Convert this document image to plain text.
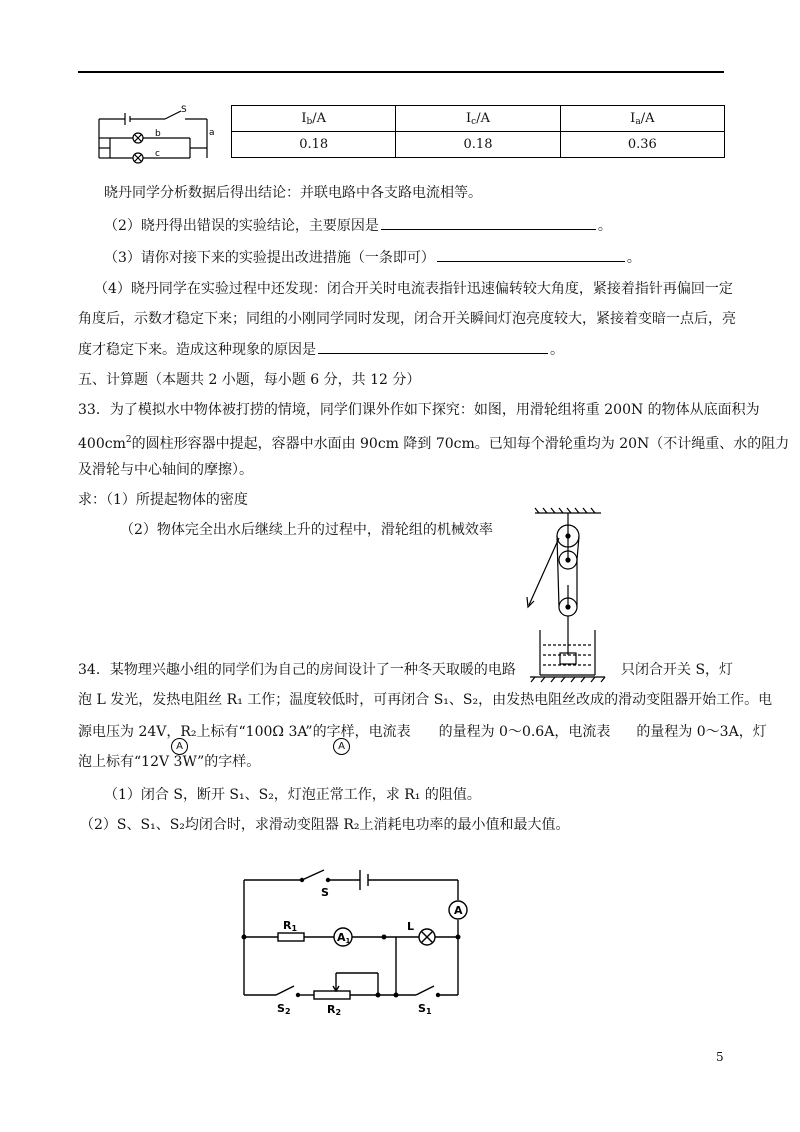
S
a
b
c
$I_b/A$	$I_c/A$	$I_a/A$
0.18	0.18	0.36
晓丹同学分析数据后得出结论：并联电路中各支路电流相等。
（2）晓丹得出错误的实验结论，主要原因是	。
（3）请你对接下来的实验提出改进措施（一条即可）	。
（4）晓丹同学在实验过程中还发现：闭合开关时电流表指针迅速偏转较大角度，紧接着指针再偏回一定
角度后，示数才稳定下来；同组的小刚同学同时发现，闭合开关瞬间灯泡亮度较大，紧接着变暗一点后，亮
度才稳定下来。造成这种现象的原因是	。
五、计算题（本题共 2 小题，每小题 6 分，共 12 分）
33．为了模拟水中物体被打捞的情境，同学们课外作如下探究：如图，用滑轮组将重 200N 的物体从底面积为
$400cm^2$的圆柱形容器中提起，容器中水面由 90cm 降到 70cm。已知每个滑轮重均为 20N（不计绳重、水的阻力
及滑轮与中心轴间的摩擦）。
求：（1）所提起物体的密度
（2）物体完全出水后继续上升的过程中，滑轮组的机械效率
34．某物理兴趣小组的同学们为自己的房间设计了一种冬天取暖的电路	只闭合开关 S，灯
泡 L 发光，发热电阻丝 R₁ 工作；温度较低时，可再闭合 S₁、S₂，由发热电阻丝改成的滑动变阻器开始工作。电
源电压为 24V，R₂上标有“100Ω 3A”的字样，电流表 的量程为 0～0.6A，电流表 的量程为 0～3A，灯
A	A
泡上标有“12V 3W”的字样。
（1）闭合 S，断开 S₁、S₂，灯泡正常工作，求 R₁ 的阻值。
（2）S、S₁、S₂均闭合时，求滑动变阻器 R₂上消耗电功率的最小值和最大值。
S
R1
A1
L
A
S2	R2	S1
5
